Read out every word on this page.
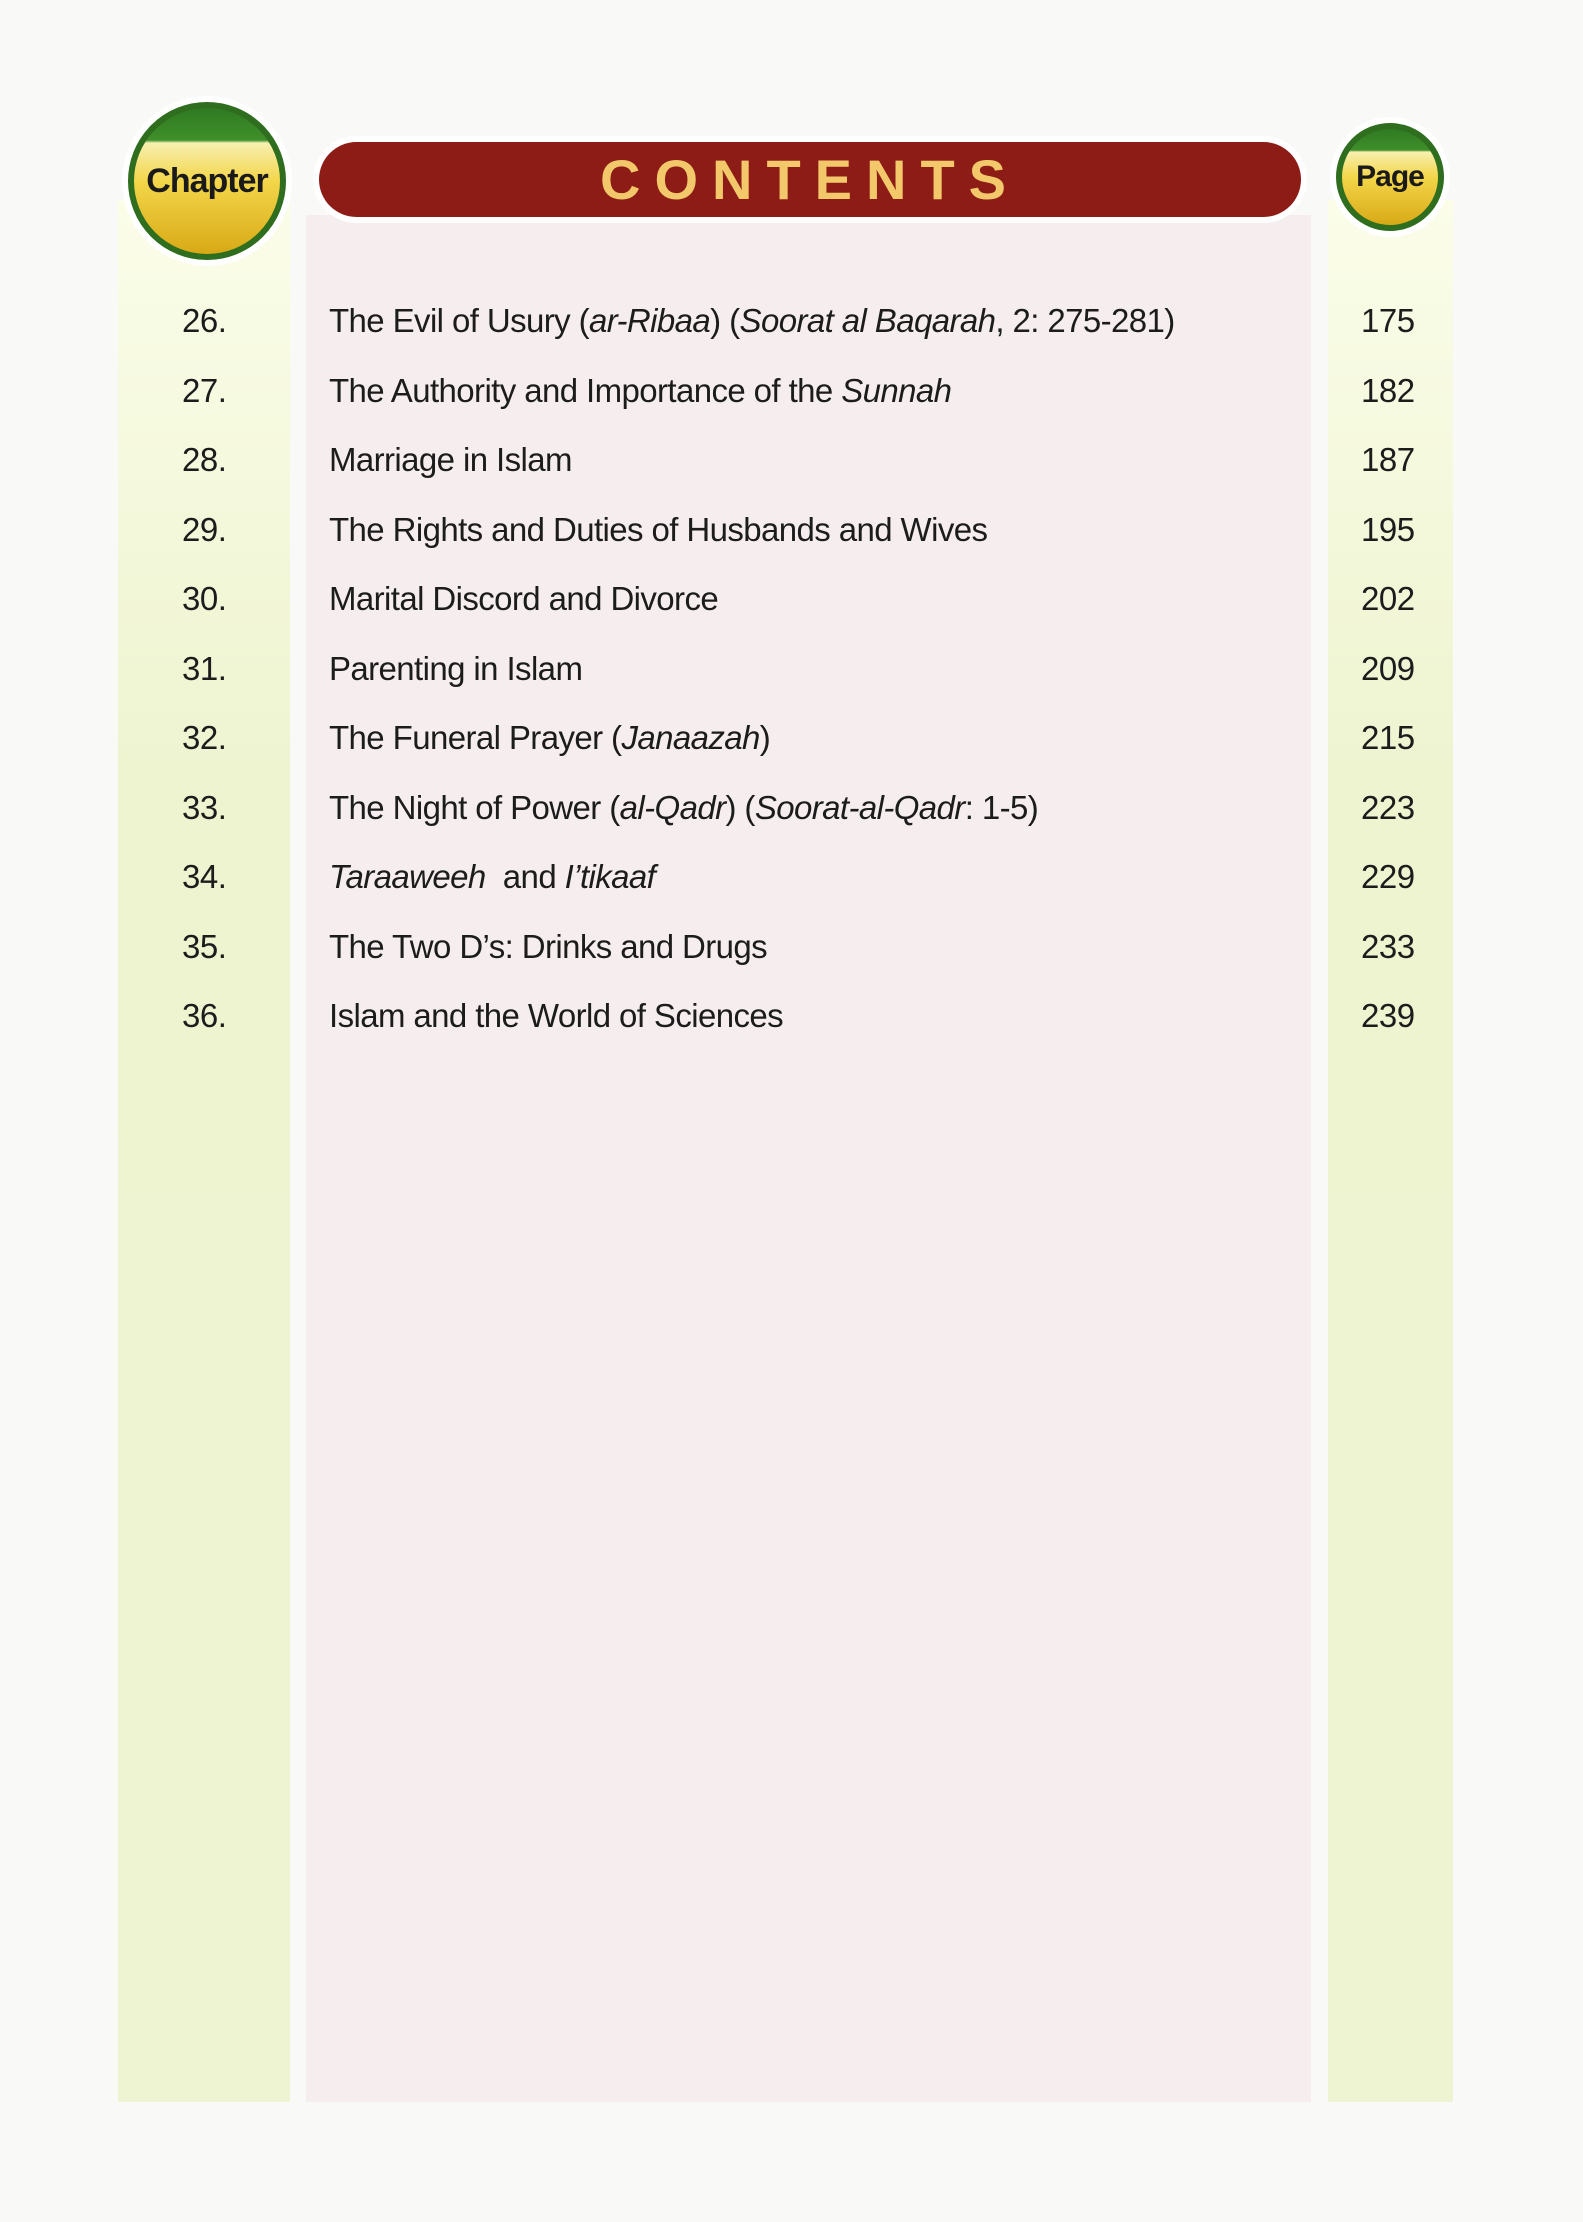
Chapter	CONTENTS	Page
26.	The Evil of Usury (ar-Ribaa) (Soorat al Baqarah, 2: 275-281)	175
27.	The Authority and Importance of the Sunnah	182
28.	Marriage in Islam	187
29.	The Rights and Duties of Husbands and Wives	195
30.	Marital Discord and Divorce	202
31.	Parenting in Islam	209
32.	The Funeral Prayer (Janaazah)	215
33.	The Night of Power (al-Qadr) (Soorat-al-Qadr: 1-5)	223
34.	Taraaweeh  and I’tikaaf	229
35.	The Two D’s: Drinks and Drugs	233
36.	Islam and the World of Sciences	239
